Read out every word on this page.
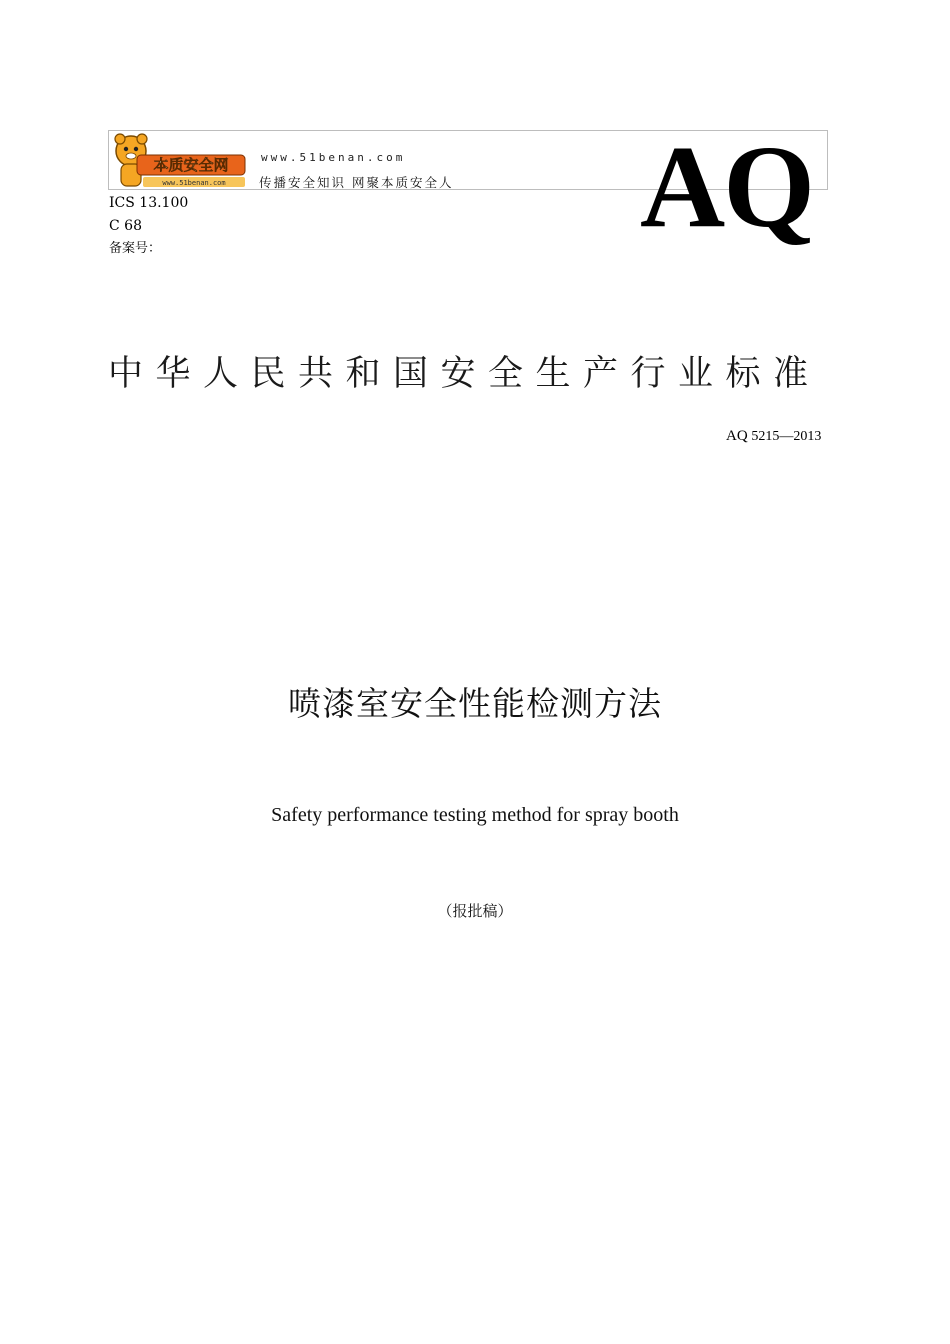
本质安全网
www.51benan.com
www.51benan.com
传播安全知识 网聚本质安全人
ICS 13.100
C 68
备案号：	AQ
中华人民共和国安全生产行业标准
AQ 5215—2013
喷漆室安全性能检测方法
Safety performance testing method for spray booth
（报批稿）
